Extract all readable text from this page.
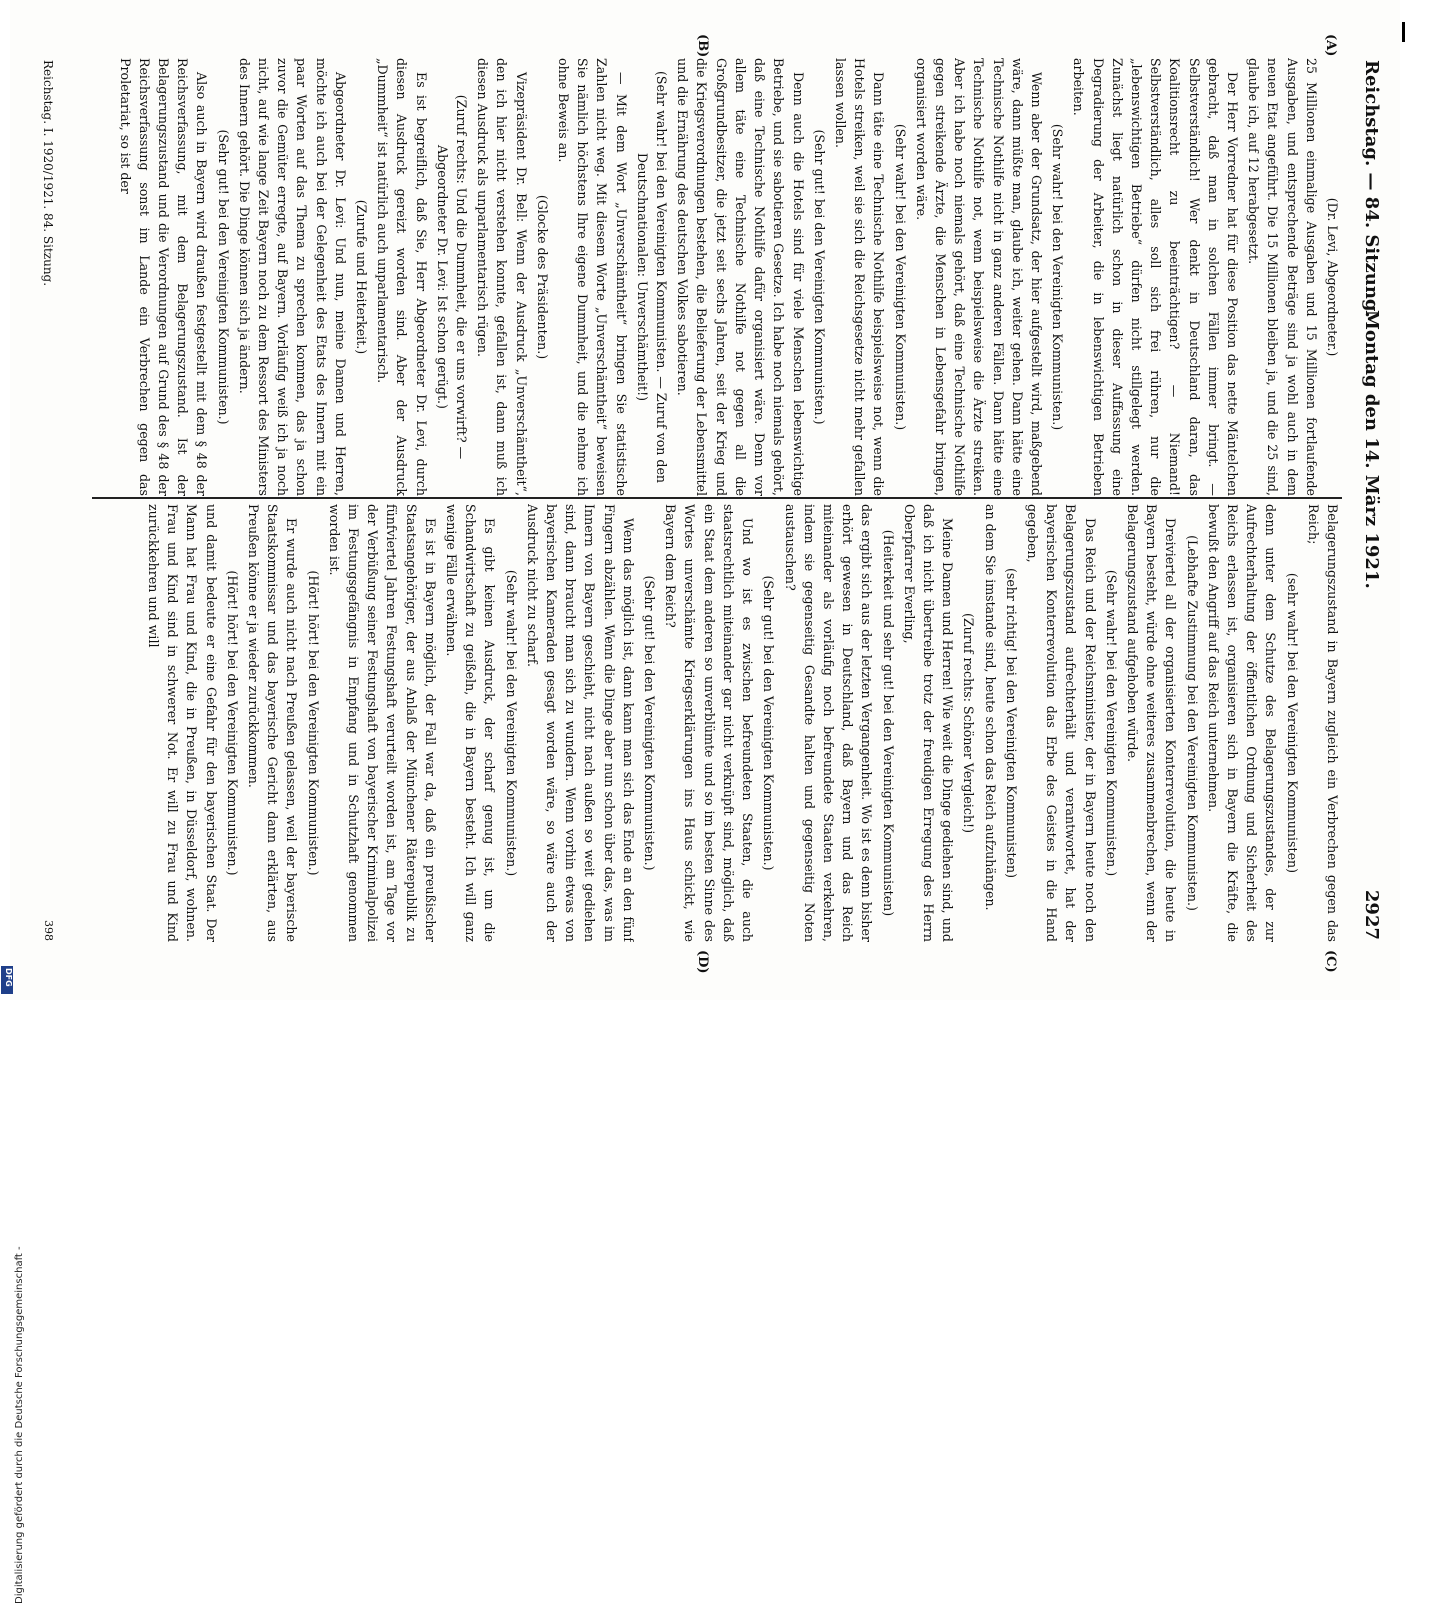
Reichstag. — 84. Sitzung.
Montag den 14. März 1921.
2927
(A)
(B)
(C)
(D)

(Dr. Levi, Abgeordneter.)

25 Millionen einmalige Ausgaben und 15 Millionen fortlaufende Ausgaben, und entsprechende Beträge sind ja wohl auch in dem neuen Etat angeführt. Die 15 Millionen bleiben ja, und die 25 sind, glaube ich, auf 12 herabgesetzt.

Der Herr Vorredner hat für diese Position das nette Mäntelchen gebracht, daß man in solchen Fällen immer bringt. — Selbstverständlich! Wer denkt in Deutschland daran, das Koalitionsrecht zu beeinträchtigen? — Niemand! Selbstverständlich, alles soll sich frei rühren, nur die „lebenswichtigen Betriebe“ dürfen nicht stillgelegt werden. Zunächst liegt natürlich schon in dieser Auffassung eine Degradierung der Arbeiter, die in lebenswichtigen Betrieben arbeiten.

(Sehr wahr! bei den Vereinigten Kommunisten.)

Wenn aber der Grundsatz, der hier aufgestellt wird, maßgebend wäre, dann müßte man, glaube ich, weiter gehen. Dann hätte eine Technische Nothilfe nicht in ganz anderen Fällen. Dann hätte eine Technische Nothilfe not, wenn beispielsweise die Ärzte streiken. Aber ich habe noch niemals gehört, daß eine Technische Nothilfe gegen streikende Ärzte, die Menschen in Lebensgefahr bringen, organisiert worden wäre.

(Sehr wahr! bei den Vereinigten Kommunisten.)

Dann täte eine Technische Nothilfe beispielsweise not, wenn die Hotels streiken, weil sie sich die Reichsgesetze nicht mehr gefallen lassen wollen.

(Sehr gut! bei den Vereinigten Kommunisten.)

Denn auch die Hotels sind für viele Menschen lebenswichtige Betriebe, und sie sabotieren Gesetze. Ich habe noch niemals gehört, daß eine Technische Nothilfe dafür organisiert wäre. Denn vor allem täte eine Technische Nothilfe not gegen all die Großgrundbesitzer, die jetzt seit sechs Jahren, seit der Krieg und die Kriegsverordnungen bestehen, die Belieferung der Lebensmittel und die Ernährung des deutschen Volkes sabotieren.

(Sehr wahr! bei den Vereinigten Kommunisten. — Zuruf von den Deutschnationalen: Unverschämtheit!)

— Mit dem Wort „Unverschämtheit“ bringen Sie statistische Zahlen nicht weg. Mit diesem Worte „Unverschämtheit“ beweisen Sie nämlich höchstens Ihre eigene Dummheit, und die nehme ich ohne Beweis an.

(Glocke des Präsidenten.)

Vizepräsident Dr. Bell: Wenn der Ausdruck „Unverschämtheit“, den ich hier nicht verstehen konnte, gefallen ist, dann muß ich diesen Ausdruck als unparlamentarisch rügen.

(Zuruf rechts: Und die Dummheit, die er uns vorwirft? — Abgeordneter Dr. Levi: Ist schon gerügt.)

Es ist begreiflich, daß Sie, Herr Abgeordneter Dr. Levi, durch diesen Ausdruck gereizt worden sind. Aber der Ausdruck „Dummheit“ ist natürlich auch unparlamentarisch.

(Zurufe und Heiterkeit.)

Abgeordneter Dr. Levi: Und nun, meine Damen und Herren, möchte ich auch bei der Gelegenheit des Etats des Innern mit ein paar Worten auf das Thema zu sprechen kommen, das ja schon zuvor die Gemüter erregte, auf Bayern. Vorläufig weiß ich ja noch nicht, auf wie lange Zeit Bayern noch zu dem Ressort des Ministers des Innern gehört. Die Dinge können sich ja ändern.

(Sehr gut! bei den Vereinigten Kommunisten.)

Also auch in Bayern wird draußen festgestellt mit dem § 48 der Reichsverfassung, mit dem Belagerungszustand. Ist der Belagerungszustand und die Verordnungen auf Grund des § 48 der Reichsverfassung sonst im Lande ein Verbrechen gegen das Proletariat, so ist der

Belagerungszustand in Bayern zugleich ein Verbrechen gegen das Reich;

(sehr wahr! bei den Vereinigten Kommunisten)

denn unter dem Schutze des Belagerungszustandes, der zur Aufrechterhaltung der öffentlichen Ordnung und Sicherheit des Reichs erlassen ist, organisieren sich in Bayern die Kräfte, die bewußt den Angriff auf das Reich unternehmen.

(Lebhafte Zustimmung bei den Vereinigten Kommunisten.)

Dreiviertel all der organisierten Konterrevolution, die heute in Bayern besteht, würde ohne weiteres zusammenbrechen, wenn der Belagerungszustand aufgehoben würde.

(Sehr wahr! bei den Vereinigten Kommunisten.)

Das Reich und der Reichsminister, der in Bayern heute noch den Belagerungszustand aufrechterhält und verantwortet, hat der bayerischen Konterrevolution das Erbe des Geistes in die Hand gegeben,

(sehr richtig! bei den Vereinigten Kommunisten)

an dem Sie imstande sind, heute schon das Reich aufzuhängen.

(Zuruf rechts: Schöner Vergleich!)

Meine Damen und Herren! Wie weit die Dinge gediehen sind, und daß ich nicht übertreibe trotz der freudigen Erregung des Herrn Oberpfarrer Everling,

(Heiterkeit und sehr gut! bei den Vereinigten Kommunisten)

das ergibt sich aus der letzten Vergangenheit. Wo ist es denn bisher erhört gewesen in Deutschland, daß Bayern und das Reich miteinander als vorläufig noch befreundete Staaten verkehren, indem sie gegenseitig Gesandte halten und gegenseitig Noten austauschen?

(Sehr gut! bei den Vereinigten Kommunisten.)

Und wo ist es zwischen befreundeten Staaten, die auch staatsrechtlich miteinander gar nicht verknüpft sind, möglich, daß ein Staat dem anderen so unverblümte und so im besten Sinne des Wortes unverschämte Kriegserklärungen ins Haus schickt, wie Bayern dem Reich?

(Sehr gut! bei den Vereinigten Kommunisten.)

Wenn das möglich ist, dann kann man sich das Ende an den fünf Fingern abzählen. Wenn die Dinge aber nun schon über das, was im Innern von Bayern geschieht, nicht nach außen so weit gediehen sind, dann braucht man sich zu wundern. Wenn vorhin etwas von bayerischen Kameraden gesagt worden wäre, so wäre auch der Ausdruck nicht zu scharf.

(Sehr wahr! bei den Vereinigten Kommunisten.)

Es gibt keinen Ausdruck, der scharf genug ist, um die Schandwirtschaft zu geißeln, die in Bayern besteht. Ich will ganz wenige Fälle erwähnen.

Es ist in Bayern möglich, der Fall war da, daß ein preußischer Staatsangehöriger, der aus Anlaß der Münchener Räterepublik zu fünfviertel Jahren Festungshaft verurteilt worden ist, am Tage vor der Verbüßung seiner Festungshaft von bayerischer Kriminalpolizei im Festungsgefängnis in Empfang und in Schutzhaft genommen worden ist.

(Hört! hört! bei den Vereinigten Kommunisten.)

Er wurde auch nicht nach Preußen gelassen, weil der bayerische Staatskommissar und das bayerische Gericht dann erklärten, aus Preußen könne er ja wieder zurückkommen.

(Hört! hört! bei den Vereinigten Kommunisten.)

und damit bedeute er eine Gefahr für den bayerischen Staat. Der Mann hat Frau und Kind, die in Preußen, in Düsseldorf, wohnen. Frau und Kind sind in schwerer Not. Er will zu Frau und Kind zurückkehren und will

Reichstag. I. 1920/1921. 84. Sitzung.
398
Digitalisierung gefördert durch die Deutsche Forschungsgemeinschaft -
DFG
